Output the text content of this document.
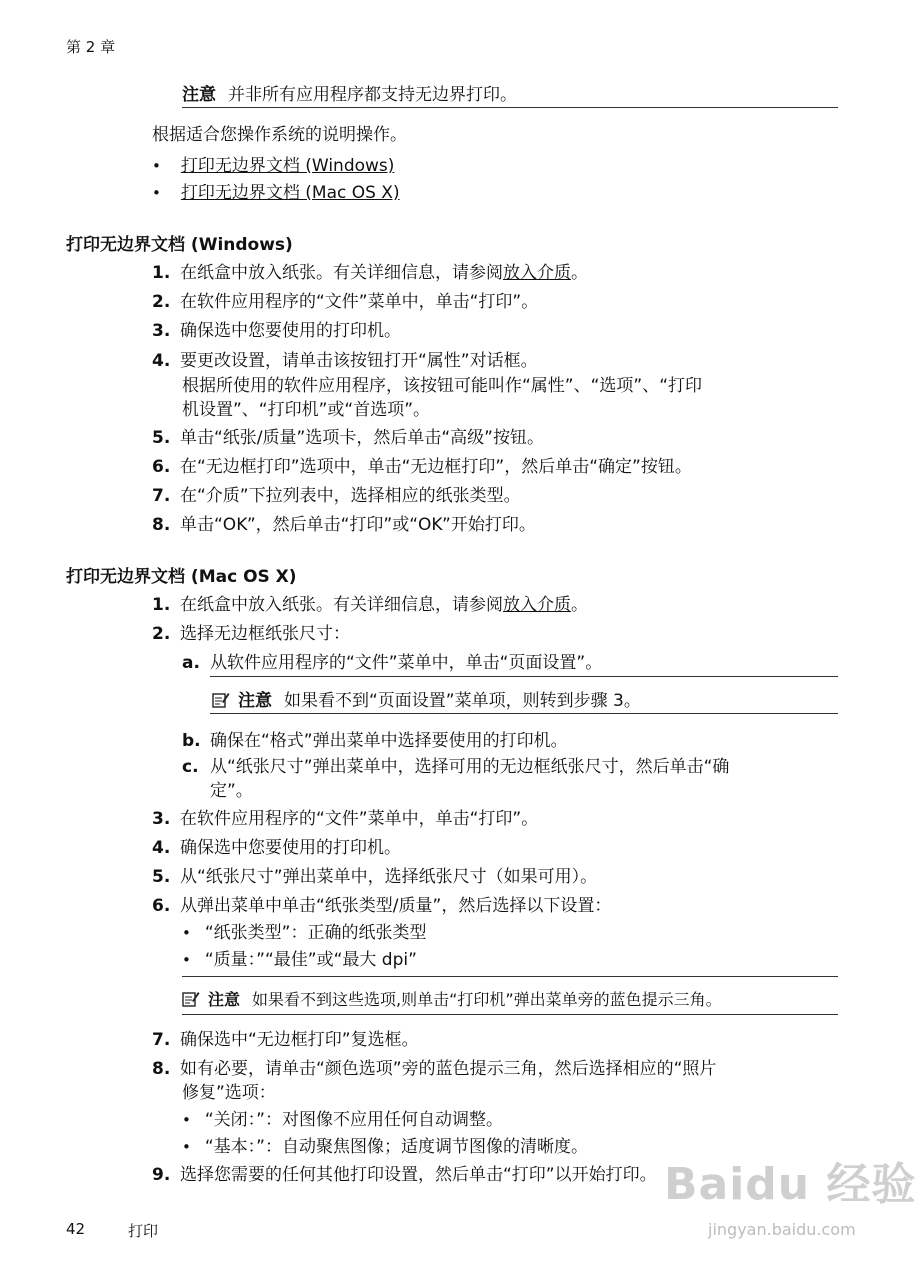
第 2 章
注意 并非所有应用程序都支持无边界打印。
根据适合您操作系统的说明操作。
• 打印无边界文档 (Windows)
• 打印无边界文档 (Mac OS X)
打印无边界文档 (Windows)
1. 在纸盒中放入纸张。有关详细信息，请参阅放入介质。
2. 在软件应用程序的“文件”菜单中，单击“打印”。
3. 确保选中您要使用的打印机。
4. 要更改设置，请单击该按钮打开“属性”对话框。
根据所使用的软件应用程序，该按钮可能叫作“属性”、“选项”、“打印
机设置”、“打印机”或“首选项”。
5. 单击“纸张/质量”选项卡，然后单击“高级”按钮。
6. 在“无边框打印”选项中，单击“无边框打印”，然后单击“确定”按钮。
7. 在“介质”下拉列表中，选择相应的纸张类型。
8. 单击“OK”，然后单击“打印”或“OK”开始打印。
打印无边界文档 (Mac OS X)
1. 在纸盒中放入纸张。有关详细信息，请参阅放入介质。
2. 选择无边框纸张尺寸：
a. 从软件应用程序的“文件”菜单中，单击“页面设置”。
注意 如果看不到“页面设置”菜单项，则转到步骤 3。
b. 确保在“格式”弹出菜单中选择要使用的打印机。
c. 从“纸张尺寸”弹出菜单中，选择可用的无边框纸张尺寸，然后单击“确
定”。
3. 在软件应用程序的“文件”菜单中，单击“打印”。
4. 确保选中您要使用的打印机。
5. 从“纸张尺寸”弹出菜单中，选择纸张尺寸（如果可用）。
6. 从弹出菜单中单击“纸张类型/质量”，然后选择以下设置：
• “纸张类型”：正确的纸张类型
• “质量：”“最佳”或“最大 dpi”
注意 如果看不到这些选项,则单击“打印机”弹出菜单旁的蓝色提示三角。
7. 确保选中“无边框打印”复选框。
8. 如有必要，请单击“颜色选项”旁的蓝色提示三角，然后选择相应的“照片
修复”选项：
• “关闭：”：对图像不应用任何自动调整。
• “基本：”：自动聚焦图像；适度调节图像的清晰度。
9. 选择您需要的任何其他打印设置，然后单击“打印”以开始打印。
42	打印
Baidu 经验
jingyan.baidu.com
